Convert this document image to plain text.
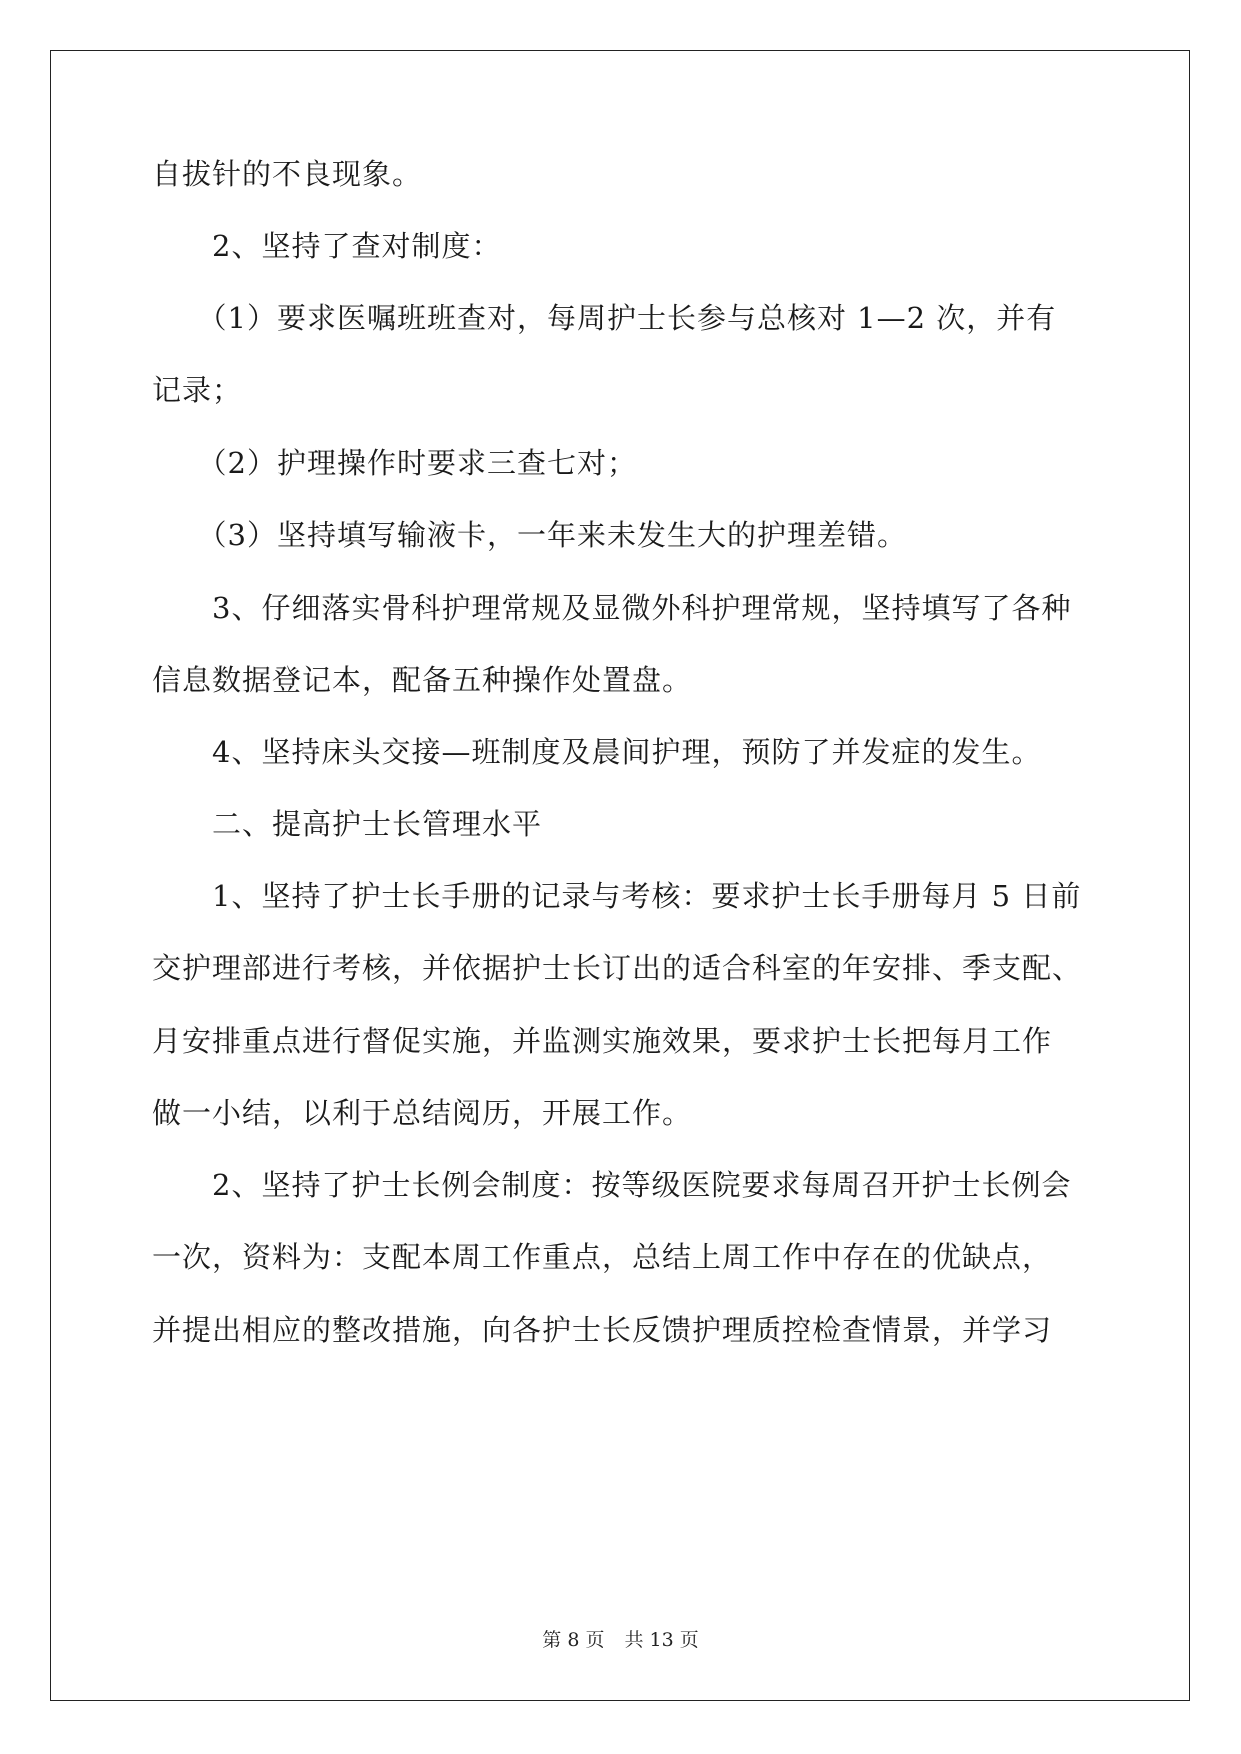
自拔针的不良现象。
　　2、坚持了查对制度：
　　（1）要求医嘱班班查对，每周护士长参与总核对 1—2 次，并有
记录；
　　（2）护理操作时要求三查七对；
　　（3）坚持填写输液卡，一年来未发生大的护理差错。
　　3、仔细落实骨科护理常规及显微外科护理常规，坚持填写了各种
信息数据登记本，配备五种操作处置盘。
　　4、坚持床头交接—班制度及晨间护理，预防了并发症的发生。
　　二、提高护士长管理水平
　　1、坚持了护士长手册的记录与考核：要求护士长手册每月 5 日前
交护理部进行考核，并依据护士长订出的适合科室的年安排、季支配、
月安排重点进行督促实施，并监测实施效果，要求护士长把每月工作
做一小结，以利于总结阅历，开展工作。
　　2、坚持了护士长例会制度：按等级医院要求每周召开护士长例会
一次，资料为：支配本周工作重点，总结上周工作中存在的优缺点，
并提出相应的整改措施，向各护士长反馈护理质控检查情景，并学习
第 8 页 共 13 页
